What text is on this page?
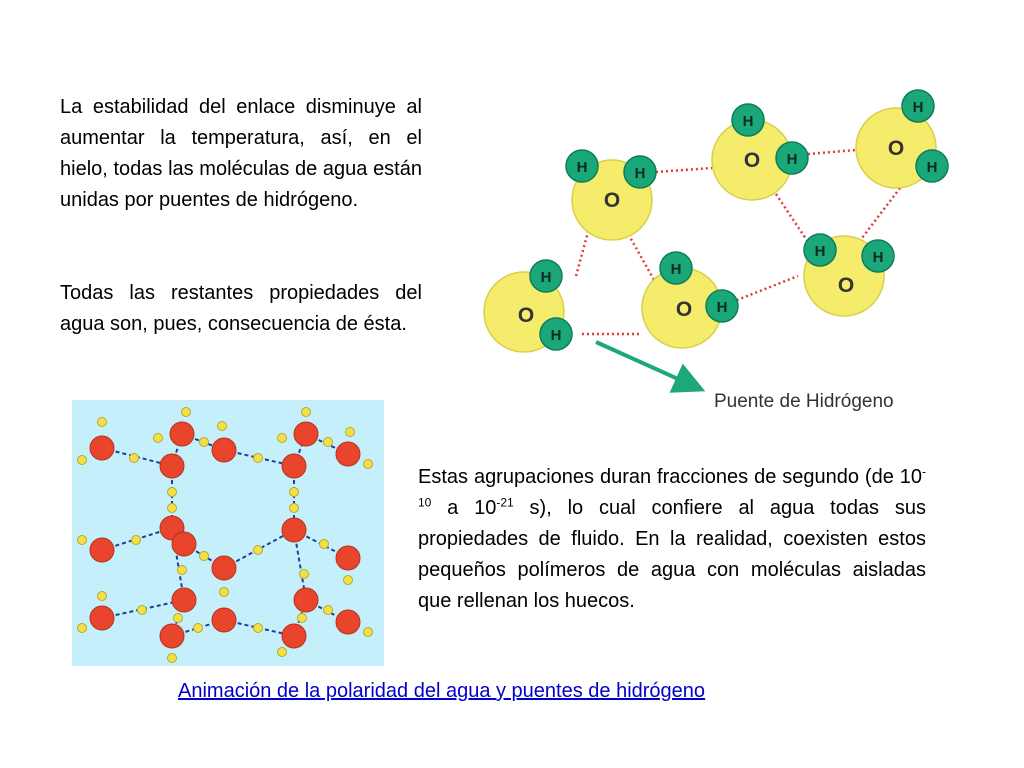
La estabilidad del enlace disminuye al aumentar la temperatura, así, en el hielo, todas las moléculas de agua están unidas por puentes de hidrógeno.

Todas las restantes propiedades del agua son, pues, consecuencia de ésta.

Estas agrupaciones duran fracciones de segundo (de $10^{-10}$ a $10^{-21}$ s), lo cual confiere al agua todas sus propiedades de fluido. En la realidad, coexisten estos pequeños polímeros de agua con moléculas aisladas que rellenan los huecos.

O
H	H
O
H
H	O
H
H
O
H
H
O
H
H
O
H	H
Puente de Hidrógeno
Animación de la polaridad del agua y puentes de hidrógeno
